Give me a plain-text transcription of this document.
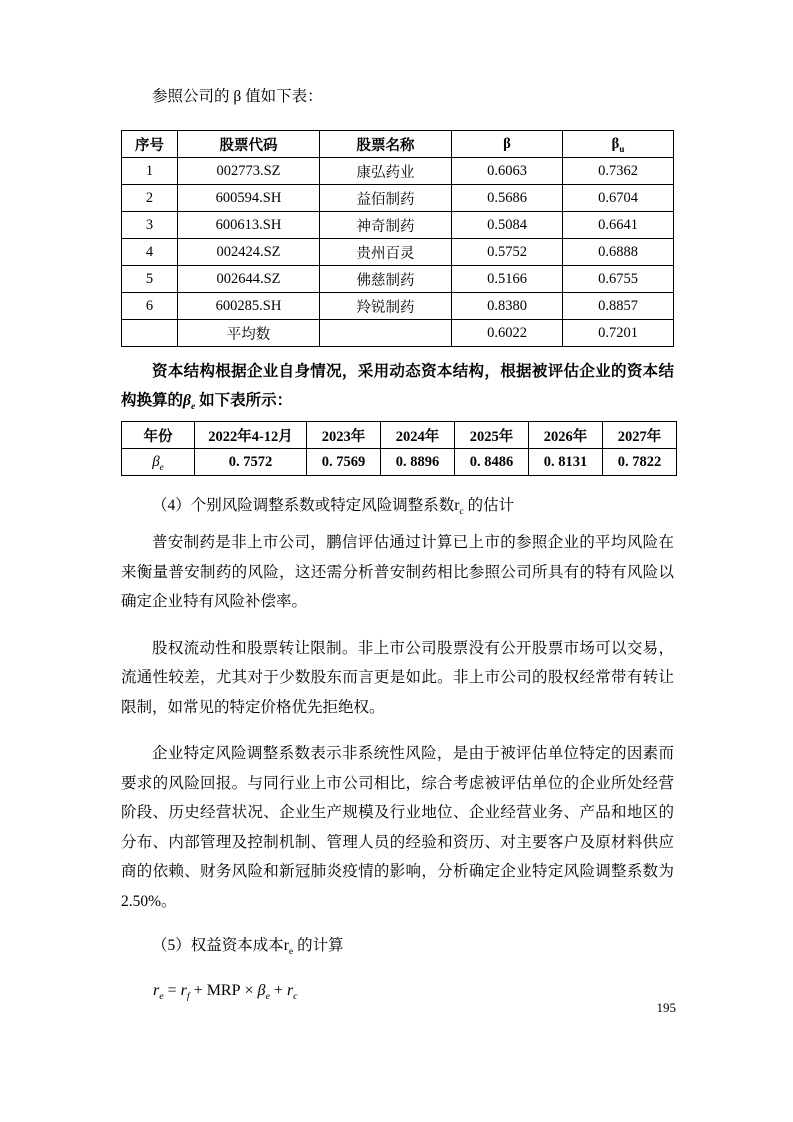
参照公司的 β 值如下表：

序号	股票代码	股票名称	β	$\beta_u$
1	002773.SZ	康弘药业	0.6063	0.7362
2	600594.SH	益佰制药	0.5686	0.6704
3	600613.SH	神奇制药	0.5084	0.6641
4	002424.SZ	贵州百灵	0.5752	0.6888
5	002644.SZ	佛慈制药	0.5166	0.6755
6	600285.SH	羚锐制药	0.8380	0.8857
	平均数		0.6022	0.7201

资本结构根据企业自身情况，采用动态资本结构，根据被评估企业的资本结构换算的$\beta_e$ 如下表所示：

年份	2022年4-12月	2023年	2024年	2025年	2026年	2027年
$\beta_e$	0. 7572	0. 7569	0. 8896	0. 8486	0. 8131	0. 7822

（4）个别风险调整系数或特定风险调整系数$r_c$ 的估计

普安制药是非上市公司，鹏信评估通过计算已上市的参照企业的平均风险在来衡量普安制药的风险，这还需分析普安制药相比参照公司所具有的特有风险以确定企业特有风险补偿率。

股权流动性和股票转让限制。非上市公司股票没有公开股票市场可以交易，流通性较差，尤其对于少数股东而言更是如此。非上市公司的股权经常带有转让限制，如常见的特定价格优先拒绝权。

企业特定风险调整系数表示非系统性风险，是由于被评估单位特定的因素而要求的风险回报。与同行业上市公司相比，综合考虑被评估单位的企业所处经营阶段、历史经营状况、企业生产规模及行业地位、企业经营业务、产品和地区的分布、内部管理及控制机制、管理人员的经验和资历、对主要客户及原材料供应商的依赖、财务风险和新冠肺炎疫情的影响，分析确定企业特定风险调整系数为2.50%。

（5）权益资本成本$r_e$ 的计算

$r_e = r_f$ + MRP × $\beta_e + r_c$

195
